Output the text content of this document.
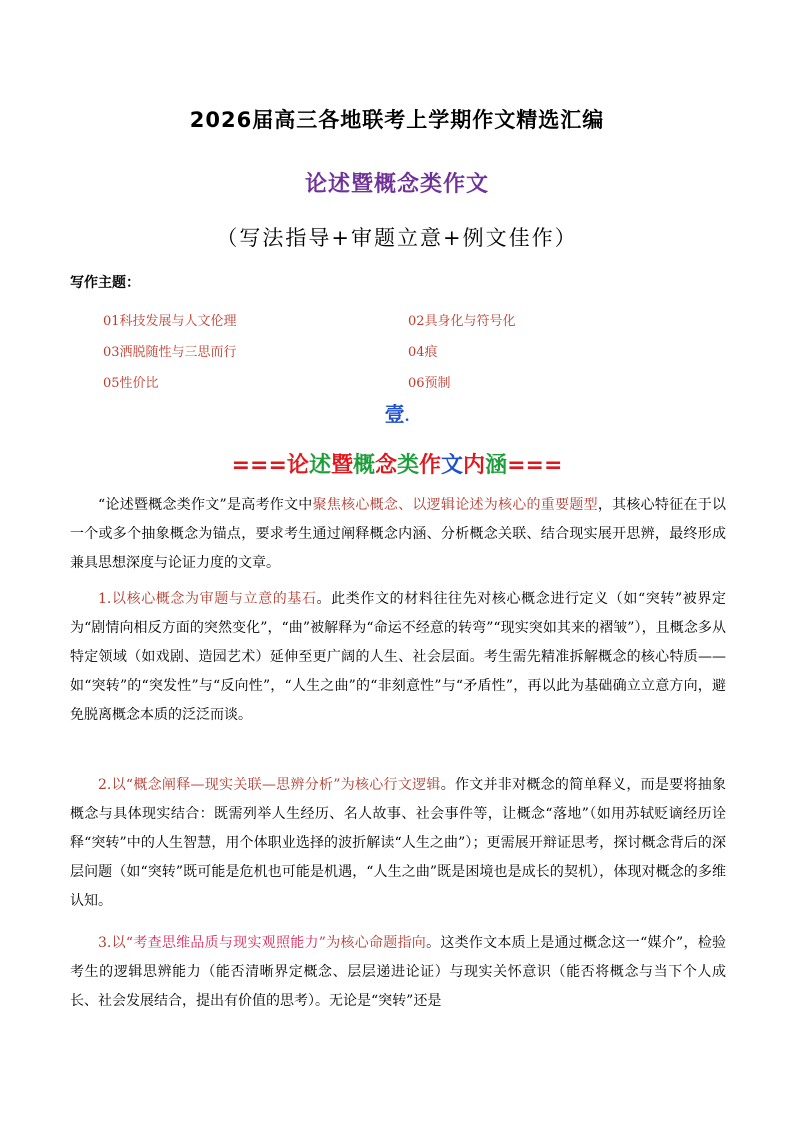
2026届高三各地联考上学期作文精选汇编
论述暨概念类作文
（写法指导+审题立意+例文佳作）
写作主题：
01科技发展与人文伦理	02具身化与符号化
03洒脱随性与三思而行	04痕
05性价比	06预制
壹.
===论述暨概念类作文内涵===
“论述暨概念类作文”是高考作文中聚焦核心概念、以逻辑论述为核心的重要题型，其核心特征在于以一个或多个抽象概念为锚点，要求考生通过阐释概念内涵、分析概念关联、结合现实展开思辨，最终形成兼具思想深度与论证力度的文章。
1.以核心概念为审题与立意的基石。此类作文的材料往往先对核心概念进行定义（如“突转”被界定为“剧情向相反方面的突然变化”，“曲”被解释为“命运不经意的转弯”“现实突如其来的褶皱”），且概念多从特定领域（如戏剧、造园艺术）延伸至更广阔的人生、社会层面。考生需先精准拆解概念的核心特质——如“突转”的“突发性”与“反向性”，“人生之曲”的“非刻意性”与“矛盾性”，再以此为基础确立立意方向，避免脱离概念本质的泛泛而谈。
2.以“概念阐释—现实关联—思辨分析”为核心行文逻辑。作文并非对概念的简单释义，而是要将抽象概念与具体现实结合：既需列举人生经历、名人故事、社会事件等，让概念“落地”（如用苏轼贬谪经历诠释“突转”中的人生智慧，用个体职业选择的波折解读“人生之曲”）；更需展开辩证思考，探讨概念背后的深层问题（如“突转”既可能是危机也可能是机遇，“人生之曲”既是困境也是成长的契机），体现对概念的多维认知。
3.以“考查思维品质与现实观照能力”为核心命题指向。这类作文本质上是通过概念这一“媒介”，检验考生的逻辑思辨能力（能否清晰界定概念、层层递进论证）与现实关怀意识（能否将概念与当下个人成长、社会发展结合，提出有价值的思考）。无论是“突转”还是
